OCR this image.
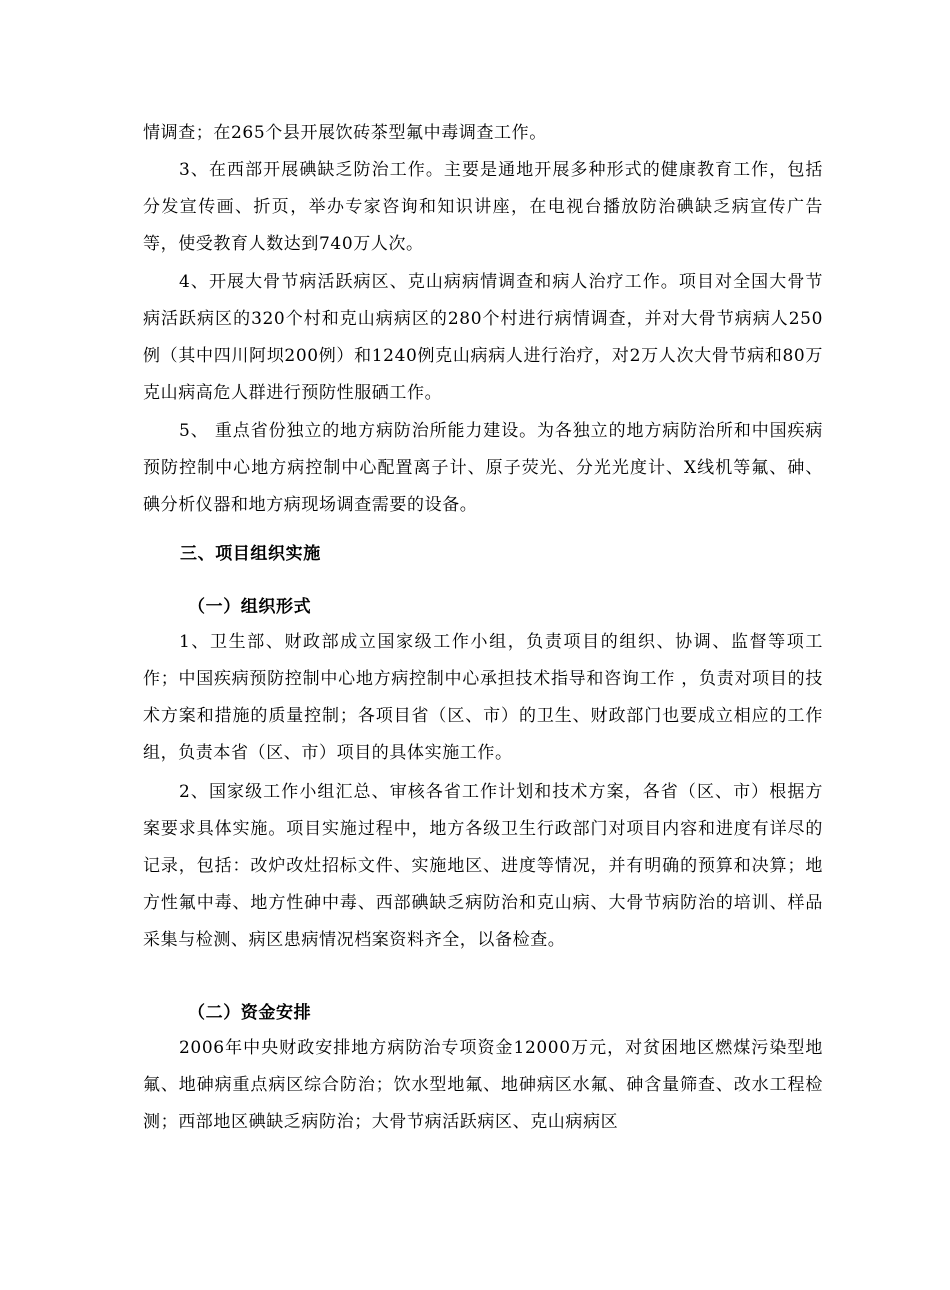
情调查；在265个县开展饮砖茶型氟中毒调查工作。

3、在西部开展碘缺乏防治工作。主要是通地开展多种形式的健康教育工作，包括分发宣传画、折页，举办专家咨询和知识讲座，在电视台播放防治碘缺乏病宣传广告等，使受教育人数达到740万人次。

4、开展大骨节病活跃病区、克山病病情调查和病人治疗工作。项目对全国大骨节病活跃病区的320个村和克山病病区的280个村进行病情调查，并对大骨节病病人250例（其中四川阿坝200例）和1240例克山病病人进行治疗，对2万人次大骨节病和80万克山病高危人群进行预防性服硒工作。

5、 重点省份独立的地方病防治所能力建设。为各独立的地方病防治所和中国疾病预防控制中心地方病控制中心配置离子计、原子荧光、分光光度计、X线机等氟、砷、碘分析仪器和地方病现场调查需要的设备。

三、项目组织实施
（一）组织形式

1、卫生部、财政部成立国家级工作小组，负责项目的组织、协调、监督等项工作；中国疾病预防控制中心地方病控制中心承担技术指导和咨询工作 ，负责对项目的技术方案和措施的质量控制；各项目省（区、市）的卫生、财政部门也要成立相应的工作组，负责本省（区、市）项目的具体实施工作。

2、国家级工作小组汇总、审核各省工作计划和技术方案，各省（区、市）根据方案要求具体实施。项目实施过程中，地方各级卫生行政部门对项目内容和进度有详尽的记录，包括：改炉改灶招标文件、实施地区、进度等情况，并有明确的预算和决算；地方性氟中毒、地方性砷中毒、西部碘缺乏病防治和克山病、大骨节病防治的培训、样品采集与检测、病区患病情况档案资料齐全，以备检查。

（二）资金安排

2006年中央财政安排地方病防治专项资金12000万元，对贫困地区燃煤污染型地氟、地砷病重点病区综合防治；饮水型地氟、地砷病区水氟、砷含量筛查、改水工程检测；西部地区碘缺乏病防治；大骨节病活跃病区、克山病病区
